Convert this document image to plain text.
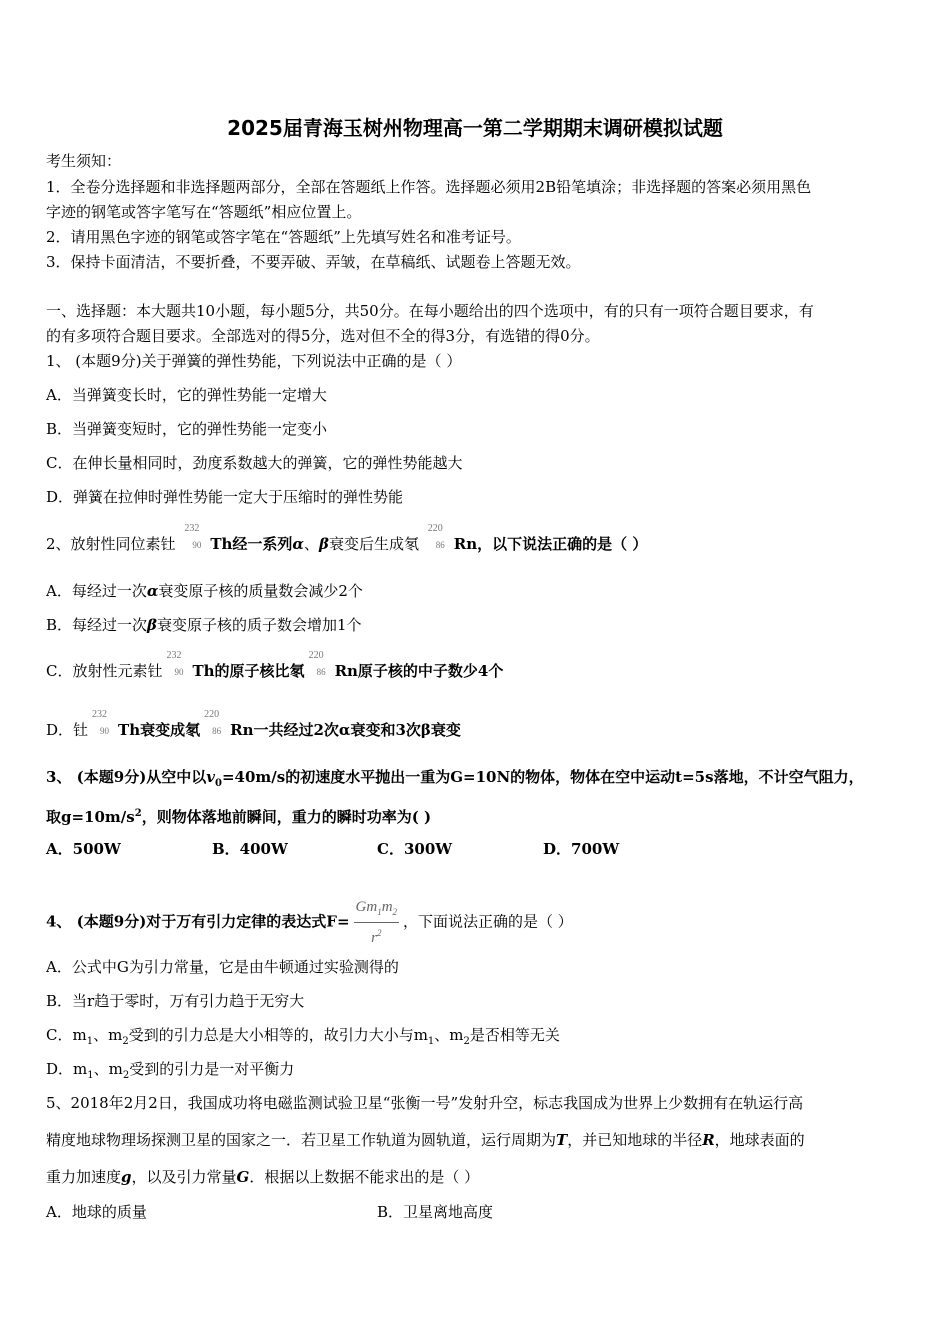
2025届青海玉树州物理高一第二学期期末调研模拟试题
考生须知：
1．全卷分选择题和非选择题两部分，全部在答题纸上作答。选择题必须用2B铅笔填涂；非选择题的答案必须用黑色
字迹的钢笔或答字笔写在“答题纸”相应位置上。
2．请用黑色字迹的钢笔或答字笔在“答题纸”上先填写姓名和准考证号。
3．保持卡面清洁，不要折叠，不要弄破、弄皱，在草稿纸、试题卷上答题无效。
一、选择题：本大题共10小题，每小题5分，共50分。在每小题给出的四个选项中，有的只有一项符合题目要求，有
的有多项符合题目要求。全部选对的得5分，选对但不全的得3分，有选错的得0分。
1、 (本题9分)关于弹簧的弹性势能，下列说法中正确的是（ ）
A．当弹簧变长时，它的弹性势能一定增大
B．当弹簧变短时，它的弹性势能一定变小
C．在伸长量相同时，劲度系数越大的弹簧，它的弹性势能越大
D．弹簧在拉伸时弹性势能一定大于压缩时的弹性势能
2、放射性同位素钍
232
90 Th经一系列α、β衰变后生成氡
220
86 Rn，以下说法正确的是（ ）
A．每经过一次α衰变原子核的质量数会减少2个
B．每经过一次β衰变原子核的质子数会增加1个
C．放射性元素钍
232
90 Th的原子核比氡
220
86 Rn原子核的中子数少4个
D．钍
232
90 Th衰变成氡
220
86 Rn一共经过2次α衰变和3次β衰变
3、 (本题9分)从空中以$v_0=40m/s$的初速度水平抛出一重为G=10N的物体，物体在空中运动t=5s落地，不计空气阻力，
取$g=10m/s^2$，则物体落地前瞬间，重力的瞬时功率为( )
A．500W	B．400W	C．300W	D．700W
4、 (本题9分)对于万有引力定律的表达式$F= \frac{Gm_1m_2}{r^2}$ ，下面说法正确的是（ ）
A．公式中G为引力常量，它是由牛顿通过实验测得的
B．当r趋于零时，万有引力趋于无穷大
C．$m_1$、$m_2$受到的引力总是大小相等的，故引力大小与$m_1$、$m_2$是否相等无关
D．$m_1$、$m_2$受到的引力是一对平衡力
5、2018年2月2日，我国成功将电磁监测试验卫星“张衡一号”发射升空，标志我国成为世界上少数拥有在轨运行高
精度地球物理场探测卫星的国家之一．若卫星工作轨道为圆轨道，运行周期为T，并已知地球的半径R，地球表面的
重力加速度g，以及引力常量G．根据以上数据不能求出的是（ ）
A．地球的质量	B．卫星离地高度
